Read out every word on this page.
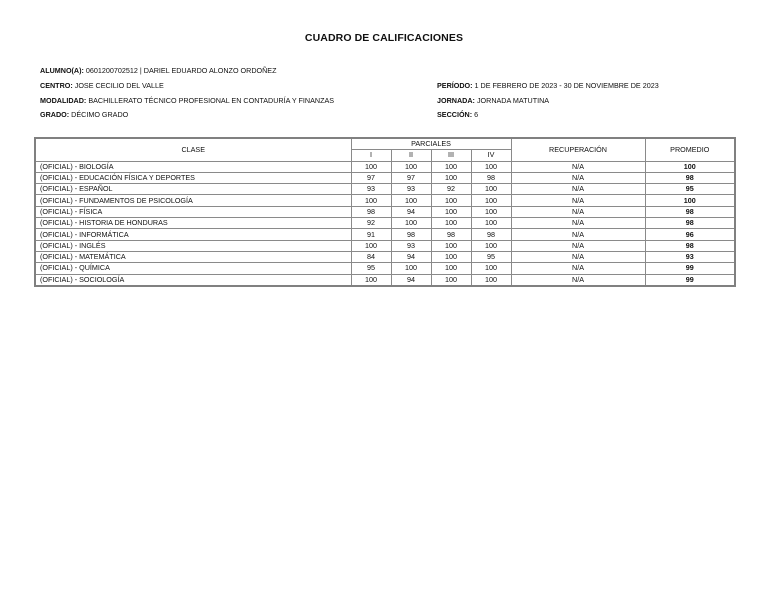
CUADRO DE CALIFICACIONES
ALUMNO(A): 0601200702512 | DARIEL EDUARDO ALONZO ORDOÑEZ
CENTRO: JOSE CECILIO DEL VALLE	PERÍODO: 1 DE FEBRERO DE 2023 - 30 DE NOVIEMBRE DE 2023
MODALIDAD: BACHILLERATO TÉCNICO PROFESIONAL EN CONTADURÍA Y FINANZAS	JORNADA: JORNADA MATUTINA
GRADO: DÉCIMO GRADO	SECCIÓN: 6
CLASE	PARCIALES				RECUPERACIÓN	PROMEDIO
	I	II	III	IV		
(OFICIAL) - BIOLOGÍA	100	100	100	100	N/A	100
(OFICIAL) - EDUCACIÓN FÍSICA Y DEPORTES	97	97	100	98	N/A	98
(OFICIAL) - ESPAÑOL	93	93	92	100	N/A	95
(OFICIAL) - FUNDAMENTOS DE PSICOLOGÍA	100	100	100	100	N/A	100
(OFICIAL) - FÍSICA	98	94	100	100	N/A	98
(OFICIAL) - HISTORIA DE HONDURAS	92	100	100	100	N/A	98
(OFICIAL) - INFORMÁTICA	91	98	98	98	N/A	96
(OFICIAL) - INGLÉS	100	93	100	100	N/A	98
(OFICIAL) - MATEMÁTICA	84	94	100	95	N/A	93
(OFICIAL) - QUÍMICA	95	100	100	100	N/A	99
(OFICIAL) - SOCIOLOGÍA	100	94	100	100	N/A	99
